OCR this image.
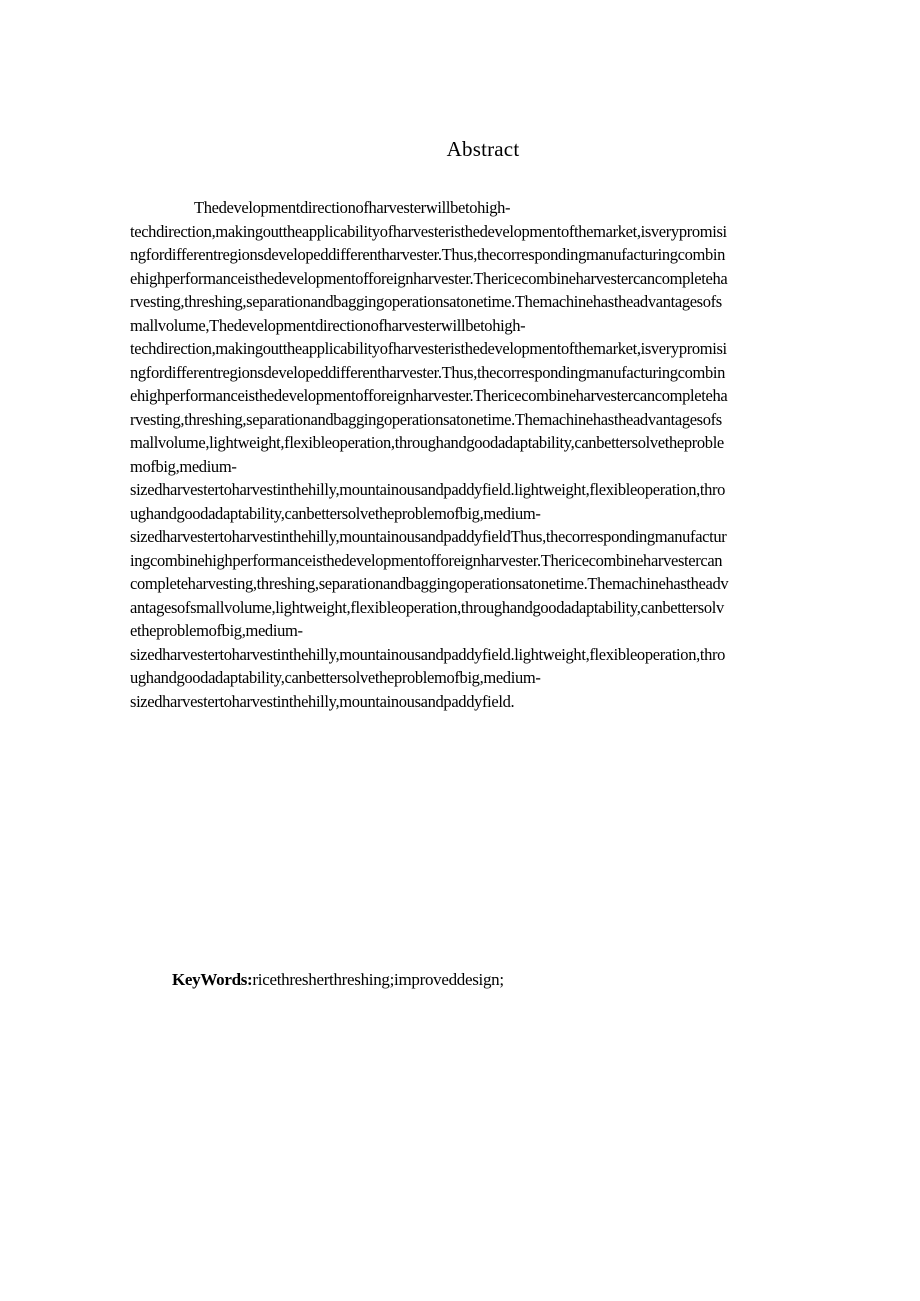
Abstract
Thedevelopmentdirectionofharvesterwillbetohigh-
techdirection,makingouttheapplicabilityofharvesteristhedevelopmentofthemarket,isverypromisi
ngfordifferentregionsdevelopeddifferentharvester.Thus,thecorrespondingmanufacturingcombin
ehighperformanceisthedevelopmentofforeignharvester.Thericecombineharvestercancompleteha
rvesting,threshing,separationandbaggingoperationsatonetime.Themachinehastheadvantagesofs
mallvolume,Thedevelopmentdirectionofharvesterwillbetohigh-
techdirection,makingouttheapplicabilityofharvesteristhedevelopmentofthemarket,isverypromisi
ngfordifferentregionsdevelopeddifferentharvester.Thus,thecorrespondingmanufacturingcombin
ehighperformanceisthedevelopmentofforeignharvester.Thericecombineharvestercancompleteha
rvesting,threshing,separationandbaggingoperationsatonetime.Themachinehastheadvantagesofs
mallvolume,lightweight,flexibleoperation,throughandgoodadaptability,canbettersolvetheproble
mofbig,medium-
sizedharvestertoharvestinthehilly,mountainousandpaddyfield.lightweight,flexibleoperation,thro
ughandgoodadaptability,canbettersolvetheproblemofbig,medium-
sizedharvestertoharvestinthehilly,mountainousandpaddyfieldThus,thecorrespondingmanufactur
ingcombinehighperformanceisthedevelopmentofforeignharvester.Thericecombineharvestercan
completeharvesting,threshing,separationandbaggingoperationsatonetime.Themachinehastheadv
antagesofsmallvolume,lightweight,flexibleoperation,throughandgoodadaptability,canbettersolv
etheproblemofbig,medium-
sizedharvestertoharvestinthehilly,mountainousandpaddyfield.lightweight,flexibleoperation,thro
ughandgoodadaptability,canbettersolvetheproblemofbig,medium-
sizedharvestertoharvestinthehilly,mountainousandpaddyfield.
KeyWords:ricethresherthreshing;improveddesign;
